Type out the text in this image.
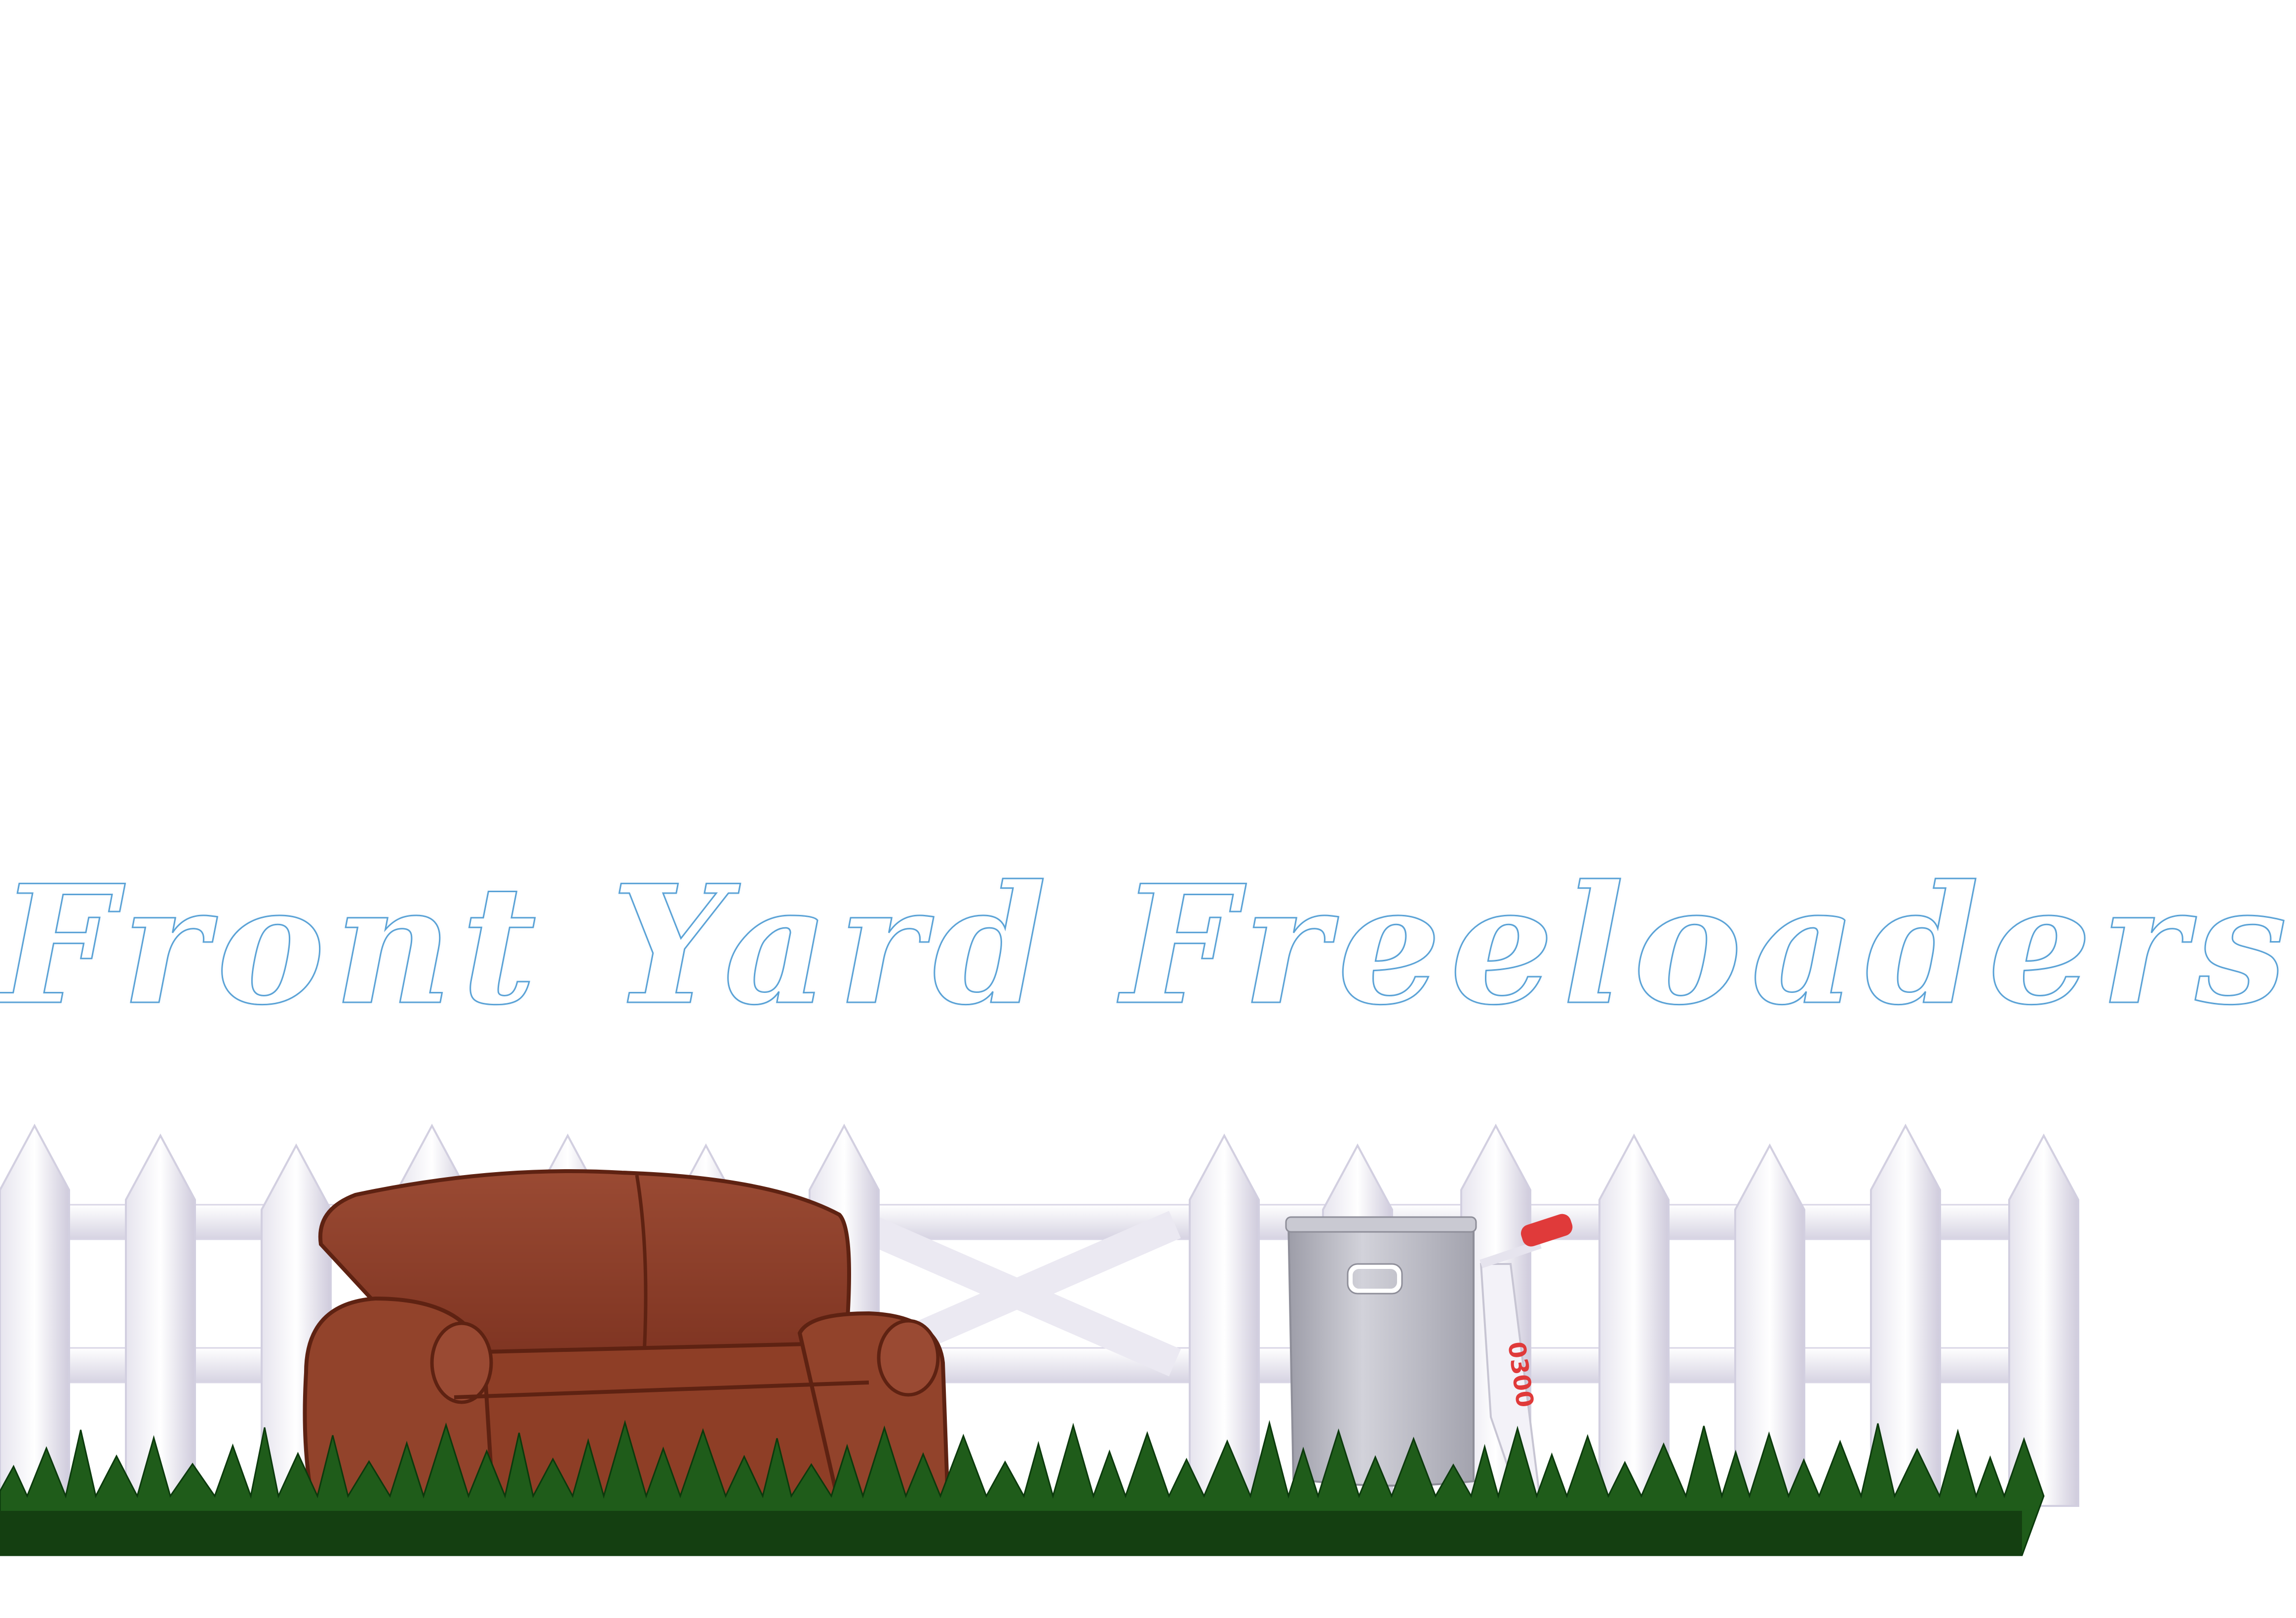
Front Yard Freeloaders
0300
